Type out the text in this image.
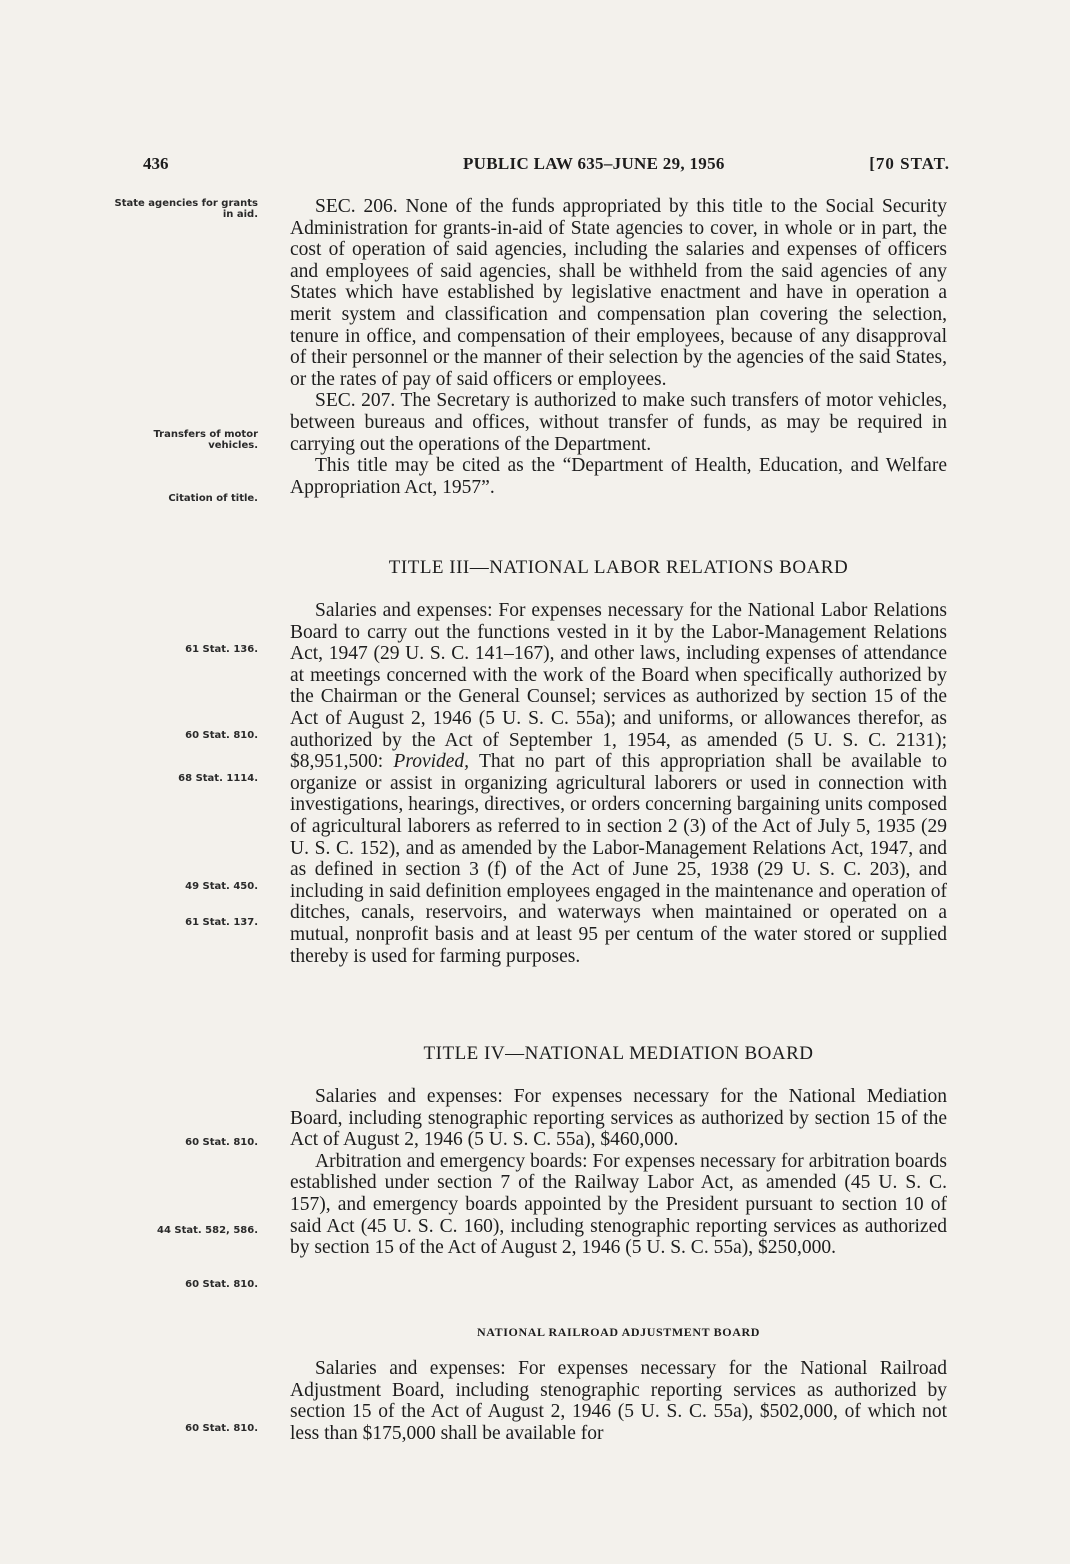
436	PUBLIC LAW 635–JUNE 29, 1956	[70 STAT.
State agencies for grants in aid.
Transfers of motor vehicles.
Citation of title.
61 Stat. 136.
60 Stat. 810.
68 Stat. 1114.
49 Stat. 450.
61 Stat. 137.
60 Stat. 810.
44 Stat. 582, 586.
60 Stat. 810.
60 Stat. 810.

SEC. 206. None of the funds appropriated by this title to the Social Security Administration for grants-in-aid of State agencies to cover, in whole or in part, the cost of operation of said agencies, including the salaries and expenses of officers and employees of said agencies, shall be withheld from the said agencies of any States which have established by legislative enactment and have in operation a merit system and classification and compensation plan covering the selection, tenure in office, and compensation of their employees, because of any disapproval of their personnel or the manner of their selection by the agencies of the said States, or the rates of pay of said officers or employees.

SEC. 207. The Secretary is authorized to make such transfers of motor vehicles, between bureaus and offices, without transfer of funds, as may be required in carrying out the operations of the Department.

This title may be cited as the “Department of Health, Education, and Welfare Appropriation Act, 1957”.

TITLE III—NATIONAL LABOR RELATIONS BOARD

Salaries and expenses: For expenses necessary for the National Labor Relations Board to carry out the functions vested in it by the Labor-Management Relations Act, 1947 (29 U. S. C. 141–167), and other laws, including expenses of attendance at meetings concerned with the work of the Board when specifically authorized by the Chairman or the General Counsel; services as authorized by section 15 of the Act of August 2, 1946 (5 U. S. C. 55a); and uniforms, or allowances therefor, as authorized by the Act of September 1, 1954, as amended (5 U. S. C. 2131); $8,951,500: Provided, That no part of this appropriation shall be available to organize or assist in organizing agricultural laborers or used in connection with investigations, hearings, directives, or orders concerning bargaining units composed of agricultural laborers as referred to in section 2 (3) of the Act of July 5, 1935 (29 U. S. C. 152), and as amended by the Labor-Management Relations Act, 1947, and as defined in section 3 (f) of the Act of June 25, 1938 (29 U. S. C. 203), and including in said definition employees engaged in the maintenance and operation of ditches, canals, reservoirs, and waterways when maintained or operated on a mutual, nonprofit basis and at least 95 per centum of the water stored or supplied thereby is used for farming purposes.

TITLE IV—NATIONAL MEDIATION BOARD

Salaries and expenses: For expenses necessary for the National Mediation Board, including stenographic reporting services as authorized by section 15 of the Act of August 2, 1946 (5 U. S. C. 55a), $460,000.

Arbitration and emergency boards: For expenses necessary for arbitration boards established under section 7 of the Railway Labor Act, as amended (45 U. S. C. 157), and emergency boards appointed by the President pursuant to section 10 of said Act (45 U. S. C. 160), including stenographic reporting services as authorized by section 15 of the Act of August 2, 1946 (5 U. S. C. 55a), $250,000.

NATIONAL RAILROAD ADJUSTMENT BOARD

Salaries and expenses: For expenses necessary for the National Railroad Adjustment Board, including stenographic reporting services as authorized by section 15 of the Act of August 2, 1946 (5 U. S. C. 55a), $502,000, of which not less than $175,000 shall be available for
